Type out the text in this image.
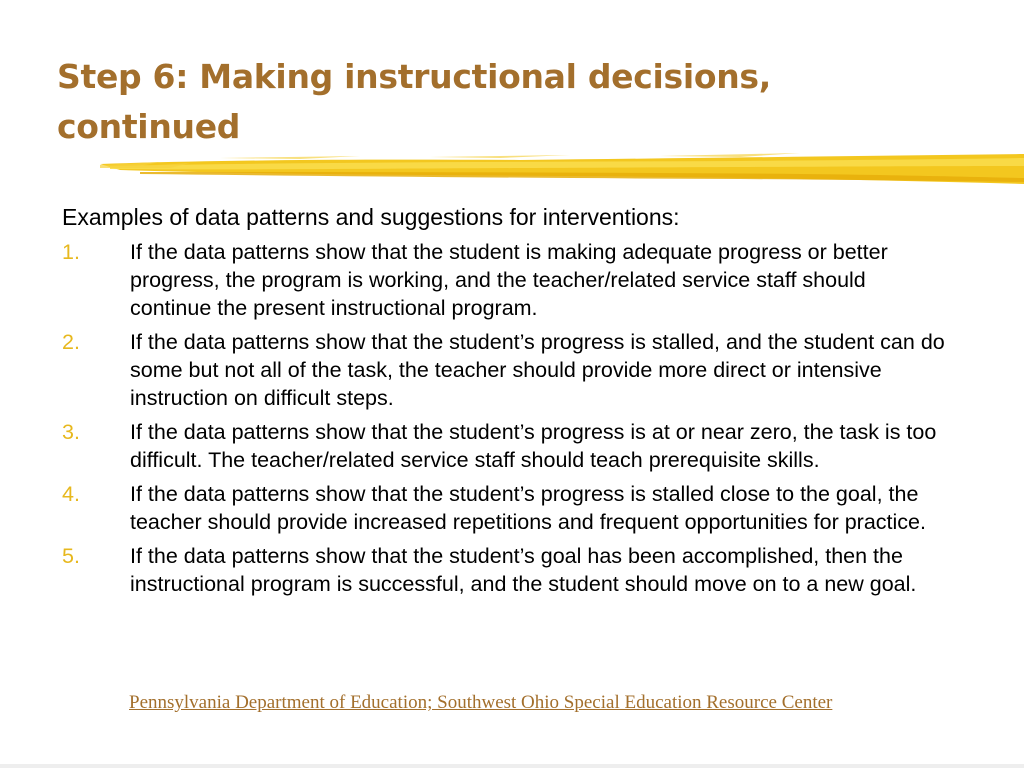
Step 6: Making instructional decisions, continued

Examples of data patterns and suggestions for interventions:

1. If the data patterns show that the student is making adequate progress or better progress, the program is working, and the teacher/related service staff should continue the present instructional program.
2. If the data patterns show that the student’s progress is stalled, and the student can do some but not all of the task, the teacher should provide more direct or intensive instruction on difficult steps.
3. If the data patterns show that the student’s progress is at or near zero, the task is too difficult. The teacher/related service staff should teach prerequisite skills.
4. If the data patterns show that the student’s progress is stalled close to the goal, the teacher should provide increased repetitions and frequent opportunities for practice.
5. If the data patterns show that the student’s goal has been accomplished, then the instructional program is successful, and the student should move on to a new goal.
Pennsylvania Department of Education; Southwest Ohio Special Education Resource Center
